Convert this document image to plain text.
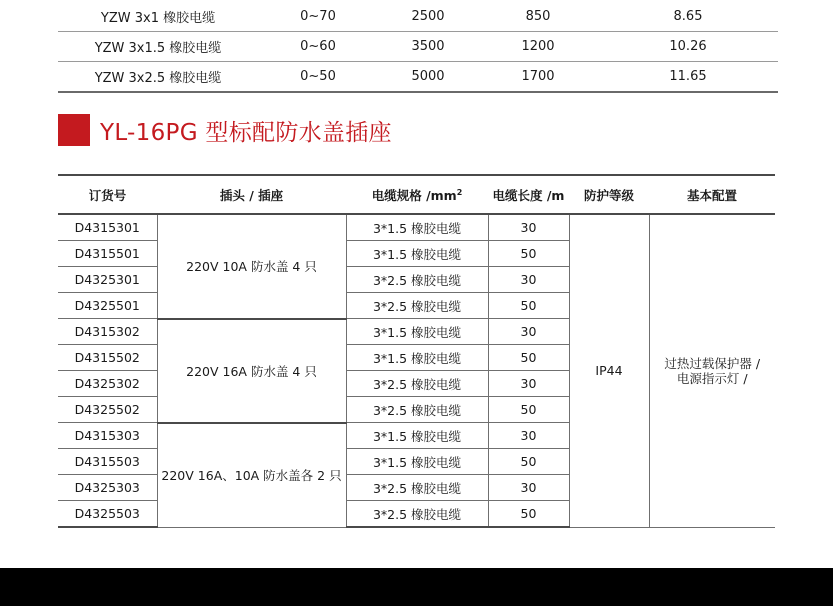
YZW 3x1 橡胶电缆	0~70	2500	850	8.65
YZW 3x1.5 橡胶电缆	0~60	3500	1200	10.26
YZW 3x2.5 橡胶电缆	0~50	5000	1700	11.65
YL-16PG 型标配防水盖插座
订货号	插头 / 插座	电缆规格 $/mm^2$	电缆长度 /m	防护等级	基本配置
D4315301	220V 10A 防水盖 4 只	3*1.5 橡胶电缆	30	IP44	过热过载保护器 /
电源指示灯 /

D4315501		3*1.5 橡胶电缆	50		
D4325301		3*2.5 橡胶电缆	30		
D4325501		3*2.5 橡胶电缆	50		
D4315302	220V 16A 防水盖 4 只	3*1.5 橡胶电缆	30		
D4315502		3*1.5 橡胶电缆	50		
D4325302		3*2.5 橡胶电缆	30		
D4325502		3*2.5 橡胶电缆	50		
D4315303	220V 16A、10A 防水盖各 2 只	3*1.5 橡胶电缆	30		
D4315503		3*1.5 橡胶电缆	50		
D4325303		3*2.5 橡胶电缆	30		
D4325503		3*2.5 橡胶电缆	50		
